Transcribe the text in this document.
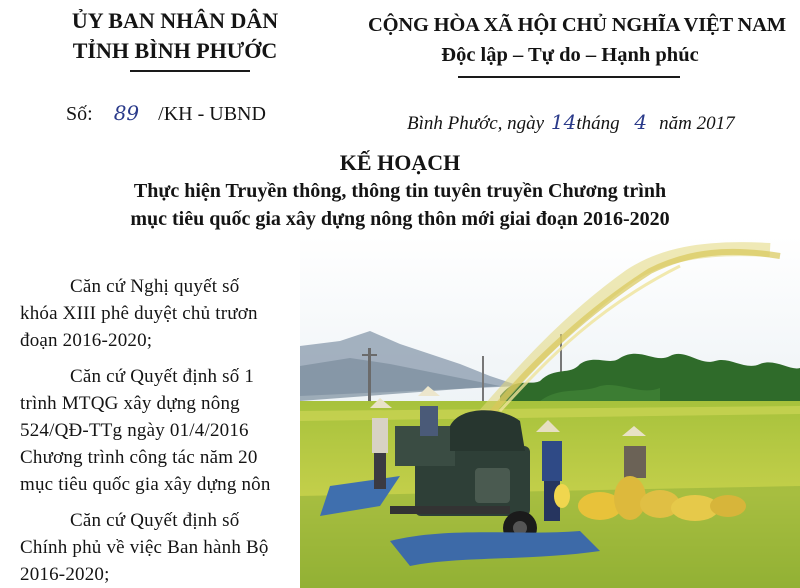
ỦY BAN NHÂN DÂN
TỈNH BÌNH PHƯỚC
Số: 89 /KH - UBND
CỘNG HÒA XÃ HỘI CHỦ NGHĨA VIỆT NAM
Độc lập – Tự do – Hạnh phúc
Bình Phước, ngày 14tháng 4 năm 2017
KẾ HOẠCH
Thực hiện Truyền thông, thông tin tuyên truyền Chương trình
mục tiêu quốc gia xây dựng nông thôn mới giai đoạn 2016-2020
Căn cứ Nghị quyết số
khóa XIII phê duyệt chủ trươn
đoạn 2016-2020;
Căn cứ Quyết định số 1
trình MTQG xây dựng nông
524/QĐ-TTg ngày 01/4/2016
Chương trình công tác năm 20
mục tiêu quốc gia xây dựng nôn
Căn cứ Quyết định số
Chính phủ về việc Ban hành Bộ
2016-2020;
